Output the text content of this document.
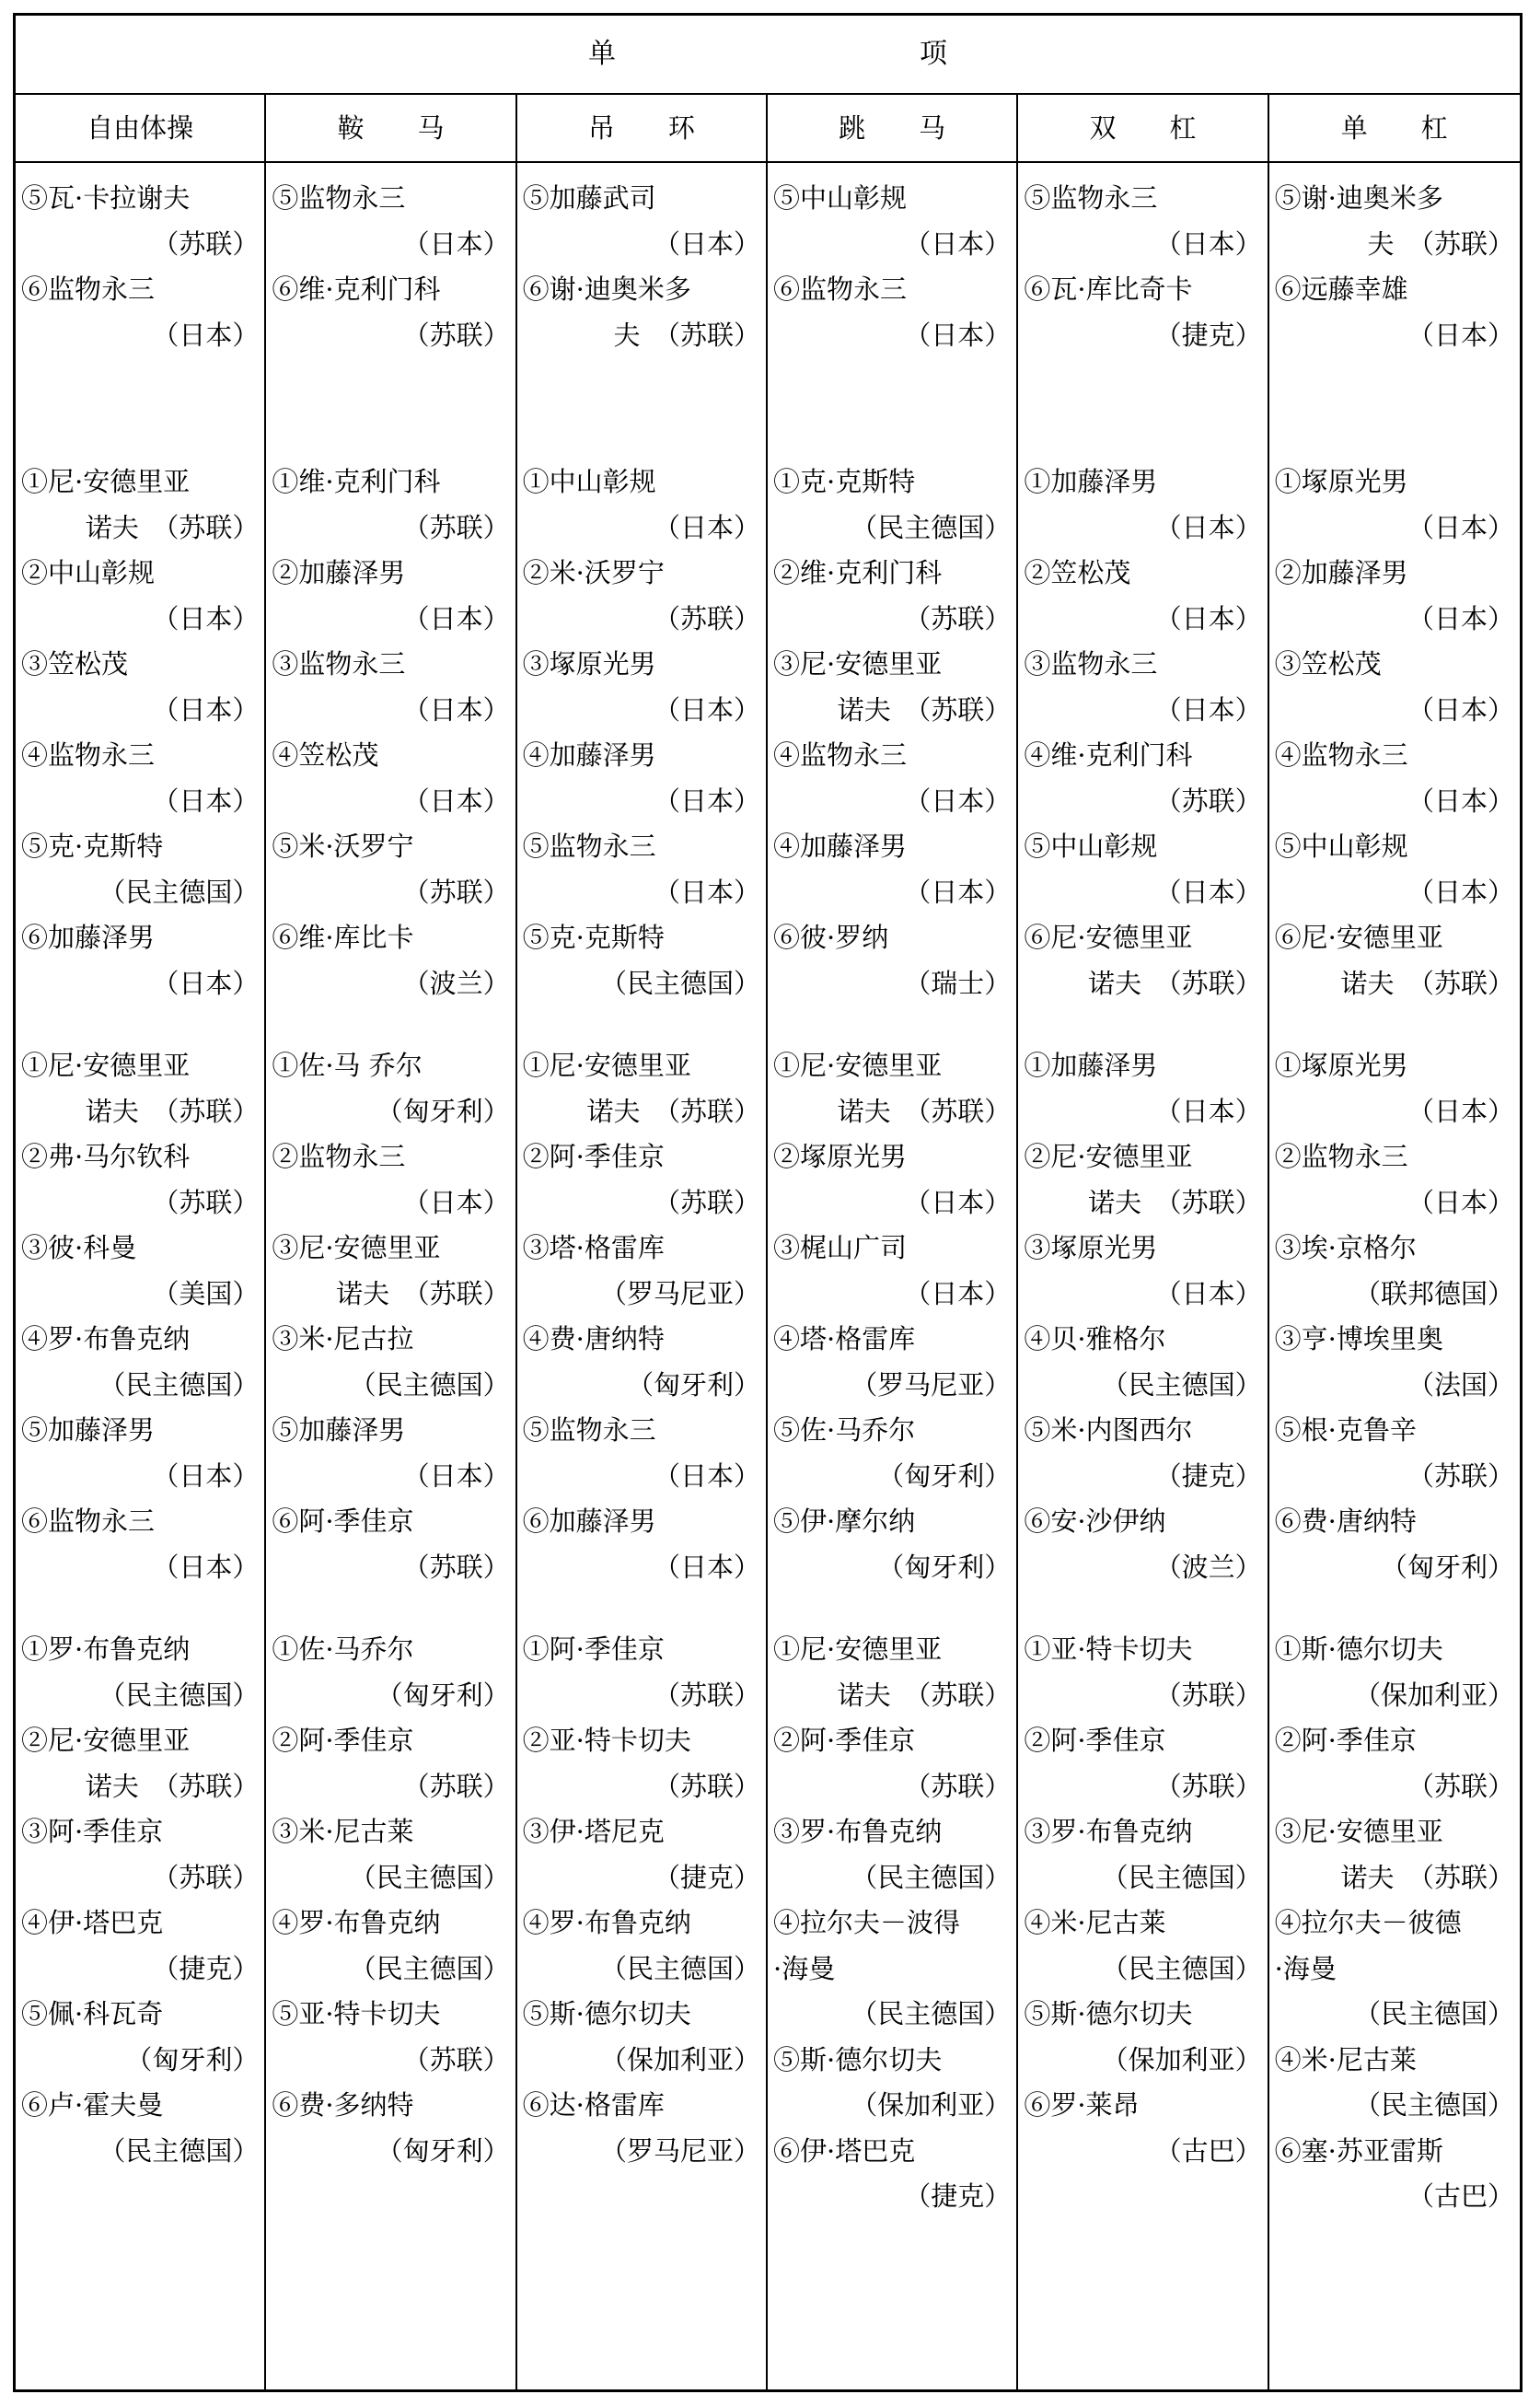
单　项
自由体操
⑤瓦·卡拉谢夫
（苏联）
⑥监物永三
（日本）
①尼·安德里亚
诺夫　（苏联）
②中山彰规
（日本）
③笠松茂
（日本）
④监物永三
（日本）
⑤克·克斯特
（民主德国）
⑥加藤泽男
（日本）
①尼·安德里亚
诺夫　（苏联）
②弗·马尔钦科
（苏联）
③彼·科曼
（美国）
④罗·布鲁克纳
（民主德国）
⑤加藤泽男
（日本）
⑥监物永三
（日本）
①罗·布鲁克纳
（民主德国）
②尼·安德里亚
诺夫　（苏联）
③阿·季佳京
（苏联）
④伊·塔巴克
（捷克）
⑤佩·科瓦奇
（匈牙利）
⑥卢·霍夫曼
（民主德国）
鞍　　马
⑤监物永三
（日本）
⑥维·克利门科
（苏联）
①维·克利门科
（苏联）
②加藤泽男
（日本）
③监物永三
（日本）
④笠松茂
（日本）
⑤米·沃罗宁
（苏联）
⑥维·库比卡
（波兰）
①佐·马 乔尔
（匈牙利）
②监物永三
（日本）
③尼·安德里亚
诺夫　（苏联）
③米·尼古拉
（民主德国）
⑤加藤泽男
（日本）
⑥阿·季佳京
（苏联）
①佐·马乔尔
（匈牙利）
②阿·季佳京
（苏联）
③米·尼古莱
（民主德国）
④罗·布鲁克纳
（民主德国）
⑤亚·特卡切夫
（苏联）
⑥费·多纳特
（匈牙利）
吊　　环
⑤加藤武司
（日本）
⑥谢·迪奥米多
夫　（苏联）
①中山彰规
（日本）
②米·沃罗宁
（苏联）
③塚原光男
（日本）
④加藤泽男
（日本）
⑤监物永三
（日本）
⑤克·克斯特
（民主德国）
①尼·安德里亚
诺夫　（苏联）
②阿·季佳京
（苏联）
③塔·格雷库
（罗马尼亚）
④费·唐纳特
（匈牙利）
⑤监物永三
（日本）
⑥加藤泽男
（日本）
①阿·季佳京
（苏联）
②亚·特卡切夫
（苏联）
③伊·塔尼克
（捷克）
④罗·布鲁克纳
（民主德国）
⑤斯·德尔切夫
（保加利亚）
⑥达·格雷库
（罗马尼亚）
跳　　马
⑤中山彰规
（日本）
⑥监物永三
（日本）
①克·克斯特
（民主德国）
②维·克利门科
（苏联）
③尼·安德里亚
诺夫　（苏联）
④监物永三
（日本）
④加藤泽男
（日本）
⑥彼·罗纳
（瑞士）
①尼·安德里亚
诺夫　（苏联）
②塚原光男
（日本）
③梶山广司
（日本）
④塔·格雷库
（罗马尼亚）
⑤佐·马乔尔
（匈牙利）
⑤伊·摩尔纳
（匈牙利）
①尼·安德里亚
诺夫　（苏联）
②阿·季佳京
（苏联）
③罗·布鲁克纳
（民主德国）
④拉尔夫－波得
·海曼
（民主德国）
⑤斯·德尔切夫
（保加利亚）
⑥伊·塔巴克
（捷克）
双　　杠
⑤监物永三
（日本）
⑥瓦·库比奇卡
（捷克）
①加藤泽男
（日本）
②笠松茂
（日本）
③监物永三
（日本）
④维·克利门科
（苏联）
⑤中山彰规
（日本）
⑥尼·安德里亚
诺夫　（苏联）
①加藤泽男
（日本）
②尼·安德里亚
诺夫　（苏联）
③塚原光男
（日本）
④贝·雅格尔
（民主德国）
⑤米·内图西尔
（捷克）
⑥安·沙伊纳
（波兰）
①亚·特卡切夫
（苏联）
②阿·季佳京
（苏联）
③罗·布鲁克纳
（民主德国）
④米·尼古莱
（民主德国）
⑤斯·德尔切夫
（保加利亚）
⑥罗·莱昂
（古巴）
单　　杠
⑤谢·迪奥米多
夫　（苏联）
⑥远藤幸雄
（日本）
①塚原光男
（日本）
②加藤泽男
（日本）
③笠松茂
（日本）
④监物永三
（日本）
⑤中山彰规
（日本）
⑥尼·安德里亚
诺夫　（苏联）
①塚原光男
（日本）
②监物永三
（日本）
③埃·京格尔
（联邦德国）
③亨·博埃里奥
（法国）
⑤根·克鲁辛
（苏联）
⑥费·唐纳特
（匈牙利）
①斯·德尔切夫
（保加利亚）
②阿·季佳京
（苏联）
③尼·安德里亚
诺夫　（苏联）
④拉尔夫－彼德
·海曼
（民主德国）
④米·尼古莱
（民主德国）
⑥塞·苏亚雷斯
（古巴）
